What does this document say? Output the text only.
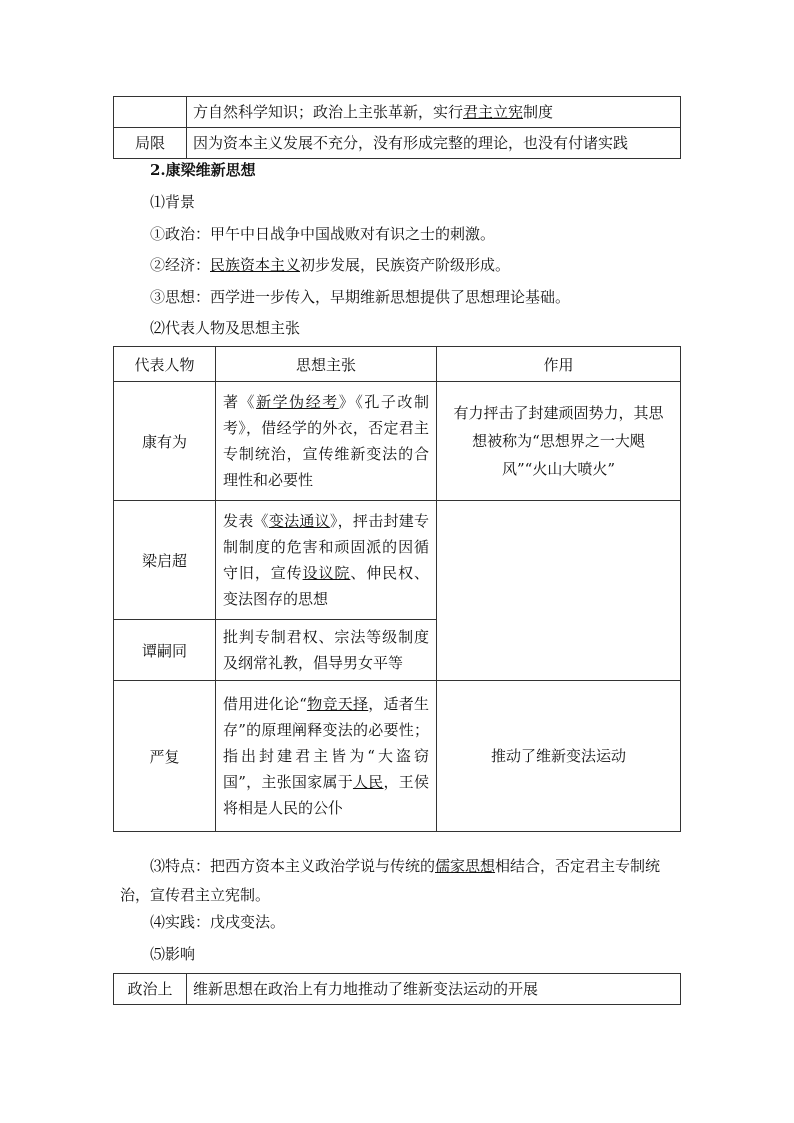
	方自然科学知识；政治上主张革新，实行君主立宪制度
局限	因为资本主义发展不充分，没有形成完整的理论，也没有付诸实践

2.康梁维新思想

⑴背景

①政治：甲午中日战争中国战败对有识之士的刺激。

②经济：民族资本主义初步发展，民族资产阶级形成。

③思想：西学进一步传入，早期维新思想提供了思想理论基础。

⑵代表人物及思想主张

代表人物	思想主张	作用
康有为	著《新学伪经考》《孔子改制考》，借经学的外衣，否定君主专制统治，宣传维新变法的合理性和必要性	有力抨击了封建顽固势力，其思想被称为“思想界之一大飓风”“火山大喷火”
梁启超	发表《变法通议》，抨击封建专制制度的危害和顽固派的因循守旧，宣传设议院、伸民权、变法图存的思想	
谭嗣同	批判专制君权、宗法等级制度及纲常礼教，倡导男女平等	
严复	借用进化论“物竞天择，适者生存”的原理阐释变法的必要性；指出封建君主皆为“大盗窃国”，主张国家属于人民，王侯将相是人民的公仆	推动了维新变法运动

⑶特点：把西方资本主义政治学说与传统的儒家思想相结合，否定君主专制统治，宣传君主立宪制。

⑷实践：戊戌变法。

⑸影响

政治上	维新思想在政治上有力地推动了维新变法运动的开展
